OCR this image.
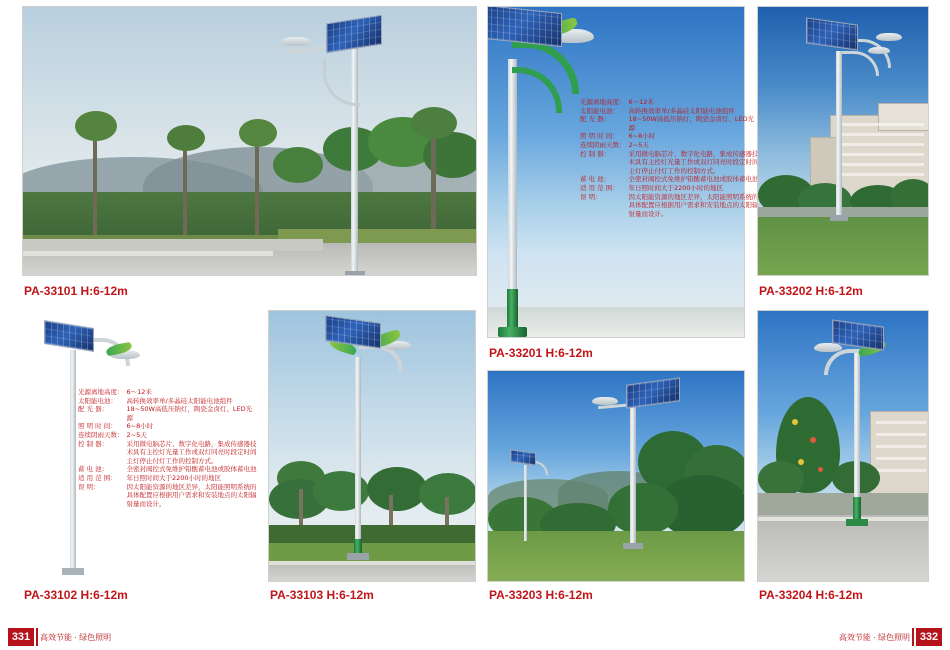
PA-33101 H:6-12m
PA-33201 H:6-12m
光源离地高度：	6～12米
太阳能电池：	高转换效率单/多晶硅太阳能电池组件
配 光 器：	18~50W高低压钠灯，陶瓷金卤灯、LED光源
照 明 时 间：	6~8小时
连续阴雨天数：	2~5天
控 制 器：	采用微电脑芯片、数字化电路，集成传感器技术具有主控灯光量工作或双灯同亮时段定时间主灯停止付灯工作的控制方式。
蓄 电 池：	全密封阀控式免维护铅酸蓄电池或胶体蓄电池
适 用 范 围：	年日照时间大于2200小时的地区
误 明：	因太阳能资源的地区差异，太阳能照明系统的具体配置应根据用户需求和安装地点的太阳辐射量而设计。
PA-33202 H:6-12m
PA-33102 H:6-12m
光源离地高度：	6～12米
太阳能电池：	高转换效率单/多晶硅太阳能电池组件
配 光 器：	18~50W高低压钠灯，陶瓷金卤灯、LED光源
照 明 时 间：	6~8小时
连续阴雨天数：	2~5天
控 制 器：	采用微电脑芯片、数字化电路，集成传感器技术具有主控灯光量工作或双灯同亮时段定时间主灯停止付灯工作的控制方式。
蓄 电 池：	全密封阀控式免维护铅酸蓄电池或胶体蓄电池
适 用 范 围：	年日照时间大于2200小时的地区
误 明：	因太阳能资源的地区差异，太阳能照明系统的具体配置应根据用户需求和安装地点的太阳辐射量而设计。
PA-33103 H:6-12m	PA-33203 H:6-12m	PA-33204 H:6-12m
331	高效节能 · 绿色照明	332
高效节能 · 绿色照明
